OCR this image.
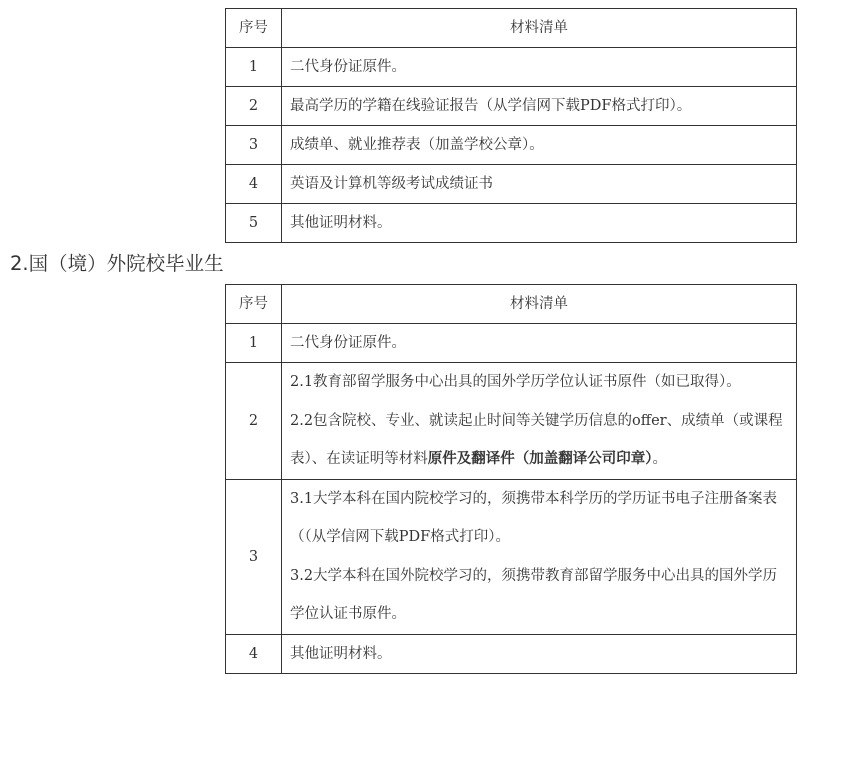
序号	材料清单
1	二代身份证原件。
2	最高学历的学籍在线验证报告（从学信网下载PDF格式打印）。
3	成绩单、就业推荐表（加盖学校公章）。
4	英语及计算机等级考试成绩证书
5	其他证明材料。
2.国（境）外院校毕业生
序号	材料清单
1	二代身份证原件。
2	2.1教育部留学服务中心出具的国外学历学位认证书原件（如已取得）。

2.2包含院校、专业、就读起止时间等关键学历信息的offer、成绩单（或课程表）、在读证明等材料原件及翻译件（加盖翻译公司印章）。

3	3.1大学本科在国内院校学习的，须携带本科学历的学历证书电子注册备案表（（从学信网下载PDF格式打印）。

3.2大学本科在国外院校学习的，须携带教育部留学服务中心出具的国外学历学位认证书原件。

4	其他证明材料。
